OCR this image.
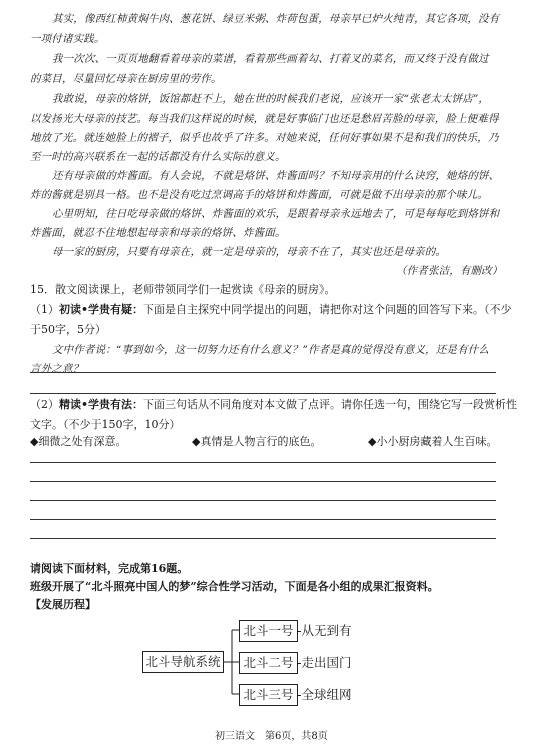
其实，像西红柿黄焖牛肉、葱花饼、绿豆米粥、炸荷包蛋，母亲早已炉火纯青，其它各项，没有
一项付诸实践。
我一次次、一页页地翻看着母亲的菜谱，看着那些画着勾、打着叉的菜名，而又终于没有做过
的菜目，尽量回忆母亲在厨房里的劳作。
我敢说，母亲的烙饼，饭馆都赶不上，她在世的时候我们老说，应该开一家“张老太太饼店”，
以发扬光大母亲的技艺。每当我们这样说的时候，就是好事临门也还是愁眉苦脸的母亲，脸上便难得
地放了光。就连她脸上的褶子，似乎也故乎了许多。对她来说，任何好事如果不是和我们的快乐，乃
至一时的高兴联系在一起的话都没有什么实际的意义。
还有母亲做的炸酱面。有人会说，不就是烙饼、炸酱面吗？不知母亲用的什么诀窍，她烙的饼、
炸的酱就是别具一格。也不是没有吃过烹调高手的烙饼和炸酱面，可就是做不出母亲的那个味儿。
心里明知，往日吃母亲做的烙饼、炸酱面的欢乐，是跟着母亲永远地去了，可是每每吃到烙饼和
炸酱面，就忍不住地想起母亲和母亲的烙饼、炸酱面。
母一家的厨房，只要有母亲在，就一定是母亲的，母亲不在了，其实也还是母亲的。
（作者张洁，有删改）
15．散文阅读课上，老师带领同学们一起赏读《母亲的厨房》。
（1）初读•学贵有疑：下面是自主探究中同学提出的问题，请把你对这个问题的回答写下来。（不少
于50字，5分）
文中作者说：“事到如今，这一切努力还有什么意义？”作者是真的觉得没有意义，还是有什么
言外之意？
（2）精读•学贵有法：下面三句话从不同角度对本文做了点评。请你任选一句，围绕它写一段赏析性
文字。（不少于150字，10分）
◆细微之处有深意。	◆真情是人物言行的底色。	◆小小厨房藏着人生百味。
请阅读下面材料，完成第16题。
班级开展了“北斗照亮中国人的梦”综合性学习活动，下面是各小组的成果汇报资料。
【发展历程】
北斗导航系统
北斗一号 -从无到有
北斗二号 -走出国门
北斗三号 -全球组网
初三语文　第6页，共8页
